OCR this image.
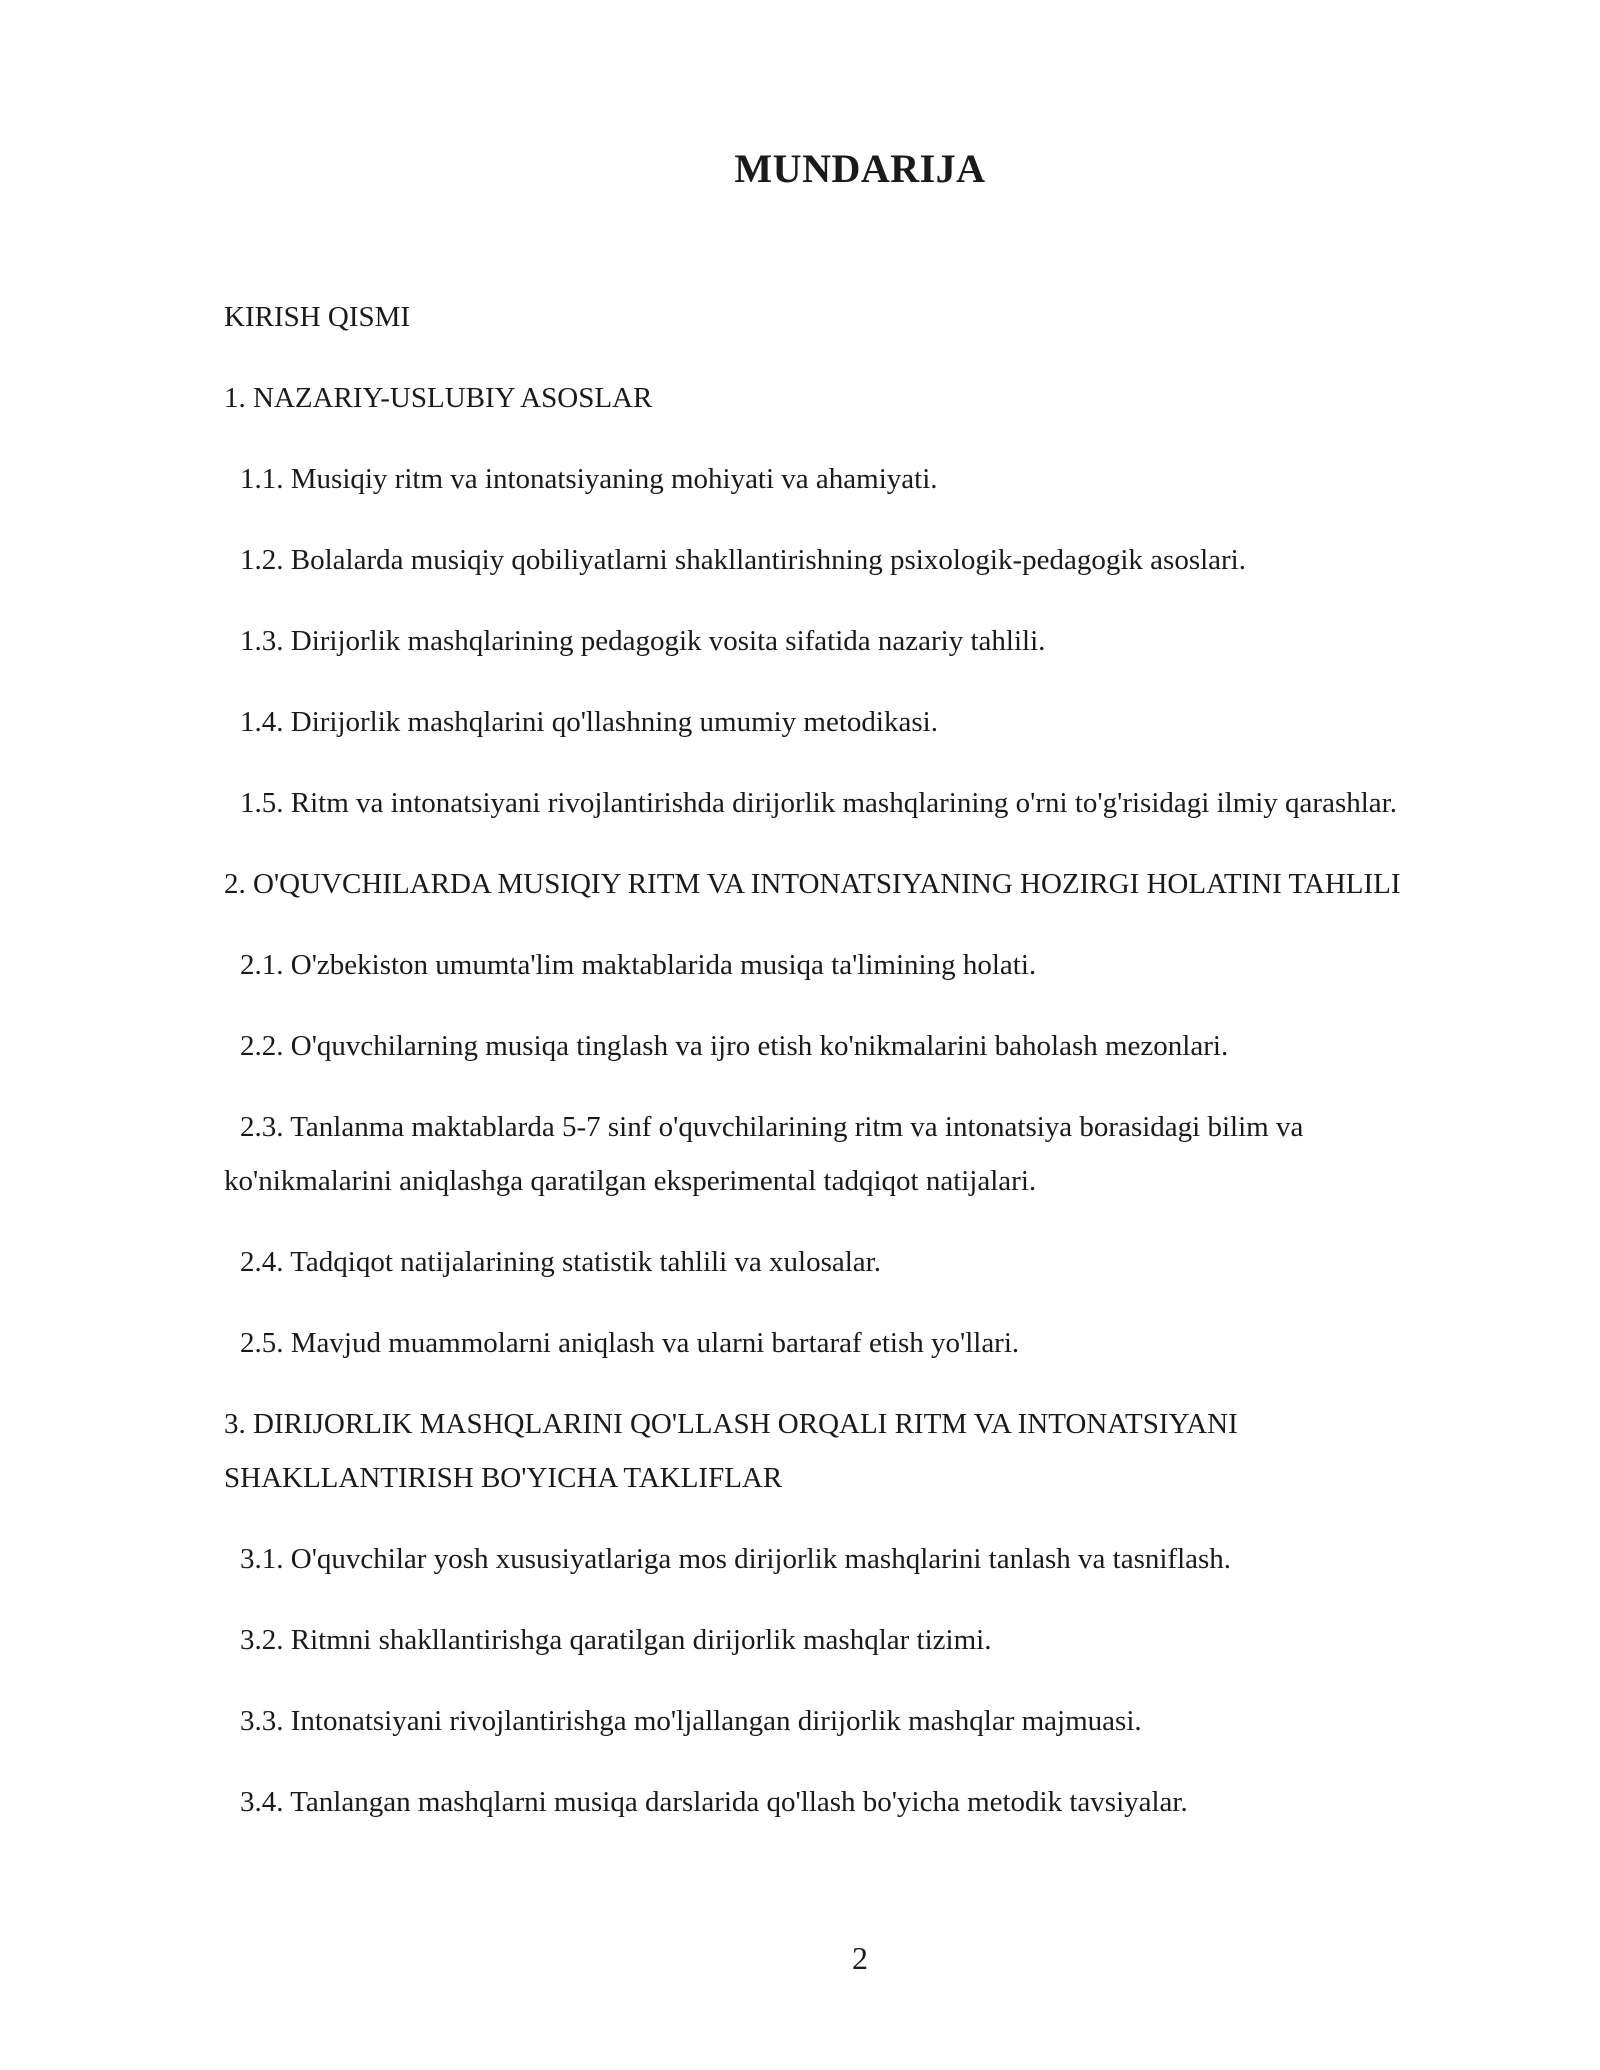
MUNDARIJA
KIRISH QISMI
1. NAZARIY-USLUBIY ASOSLAR
1.1. Musiqiy ritm va intonatsiyaning mohiyati va ahamiyati.
1.2. Bolalarda musiqiy qobiliyatlarni shakllantirishning psixologik-pedagogik asoslari.
1.3. Dirijorlik mashqlarining pedagogik vosita sifatida nazariy tahlili.
1.4. Dirijorlik mashqlarini qo'llashning umumiy metodikasi.
1.5. Ritm va intonatsiyani rivojlantirishda dirijorlik mashqlarining o'rni to'g'risidagi ilmiy qarashlar.
2. O'QUVCHILARDA MUSIQIY RITM VA INTONATSIYANING HOZIRGI HOLATINI TAHLILI
2.1. O'zbekiston umumta'lim maktablarida musiqa ta'limining holati.
2.2. O'quvchilarning musiqa tinglash va ijro etish ko'nikmalarini baholash mezonlari.
2.3. Tanlanma maktablarda 5-7 sinf o'quvchilarining ritm va intonatsiya borasidagi bilim va ko'nikmalarini aniqlashga qaratilgan eksperimental tadqiqot natijalari.
2.4. Tadqiqot natijalarining statistik tahlili va xulosalar.
2.5. Mavjud muammolarni aniqlash va ularni bartaraf etish yo'llari.
3. DIRIJORLIK MASHQLARINI QO'LLASH ORQALI RITM VA INTONATSIYANI SHAKLLANTIRISH BO'YICHA TAKLIFLAR
3.1. O'quvchilar yosh xususiyatlariga mos dirijorlik mashqlarini tanlash va tasniflash.
3.2. Ritmni shakllantirishga qaratilgan dirijorlik mashqlar tizimi.
3.3. Intonatsiyani rivojlantirishga mo'ljallangan dirijorlik mashqlar majmuasi.
3.4. Tanlangan mashqlarni musiqa darslarida qo'llash bo'yicha metodik tavsiyalar.
2
